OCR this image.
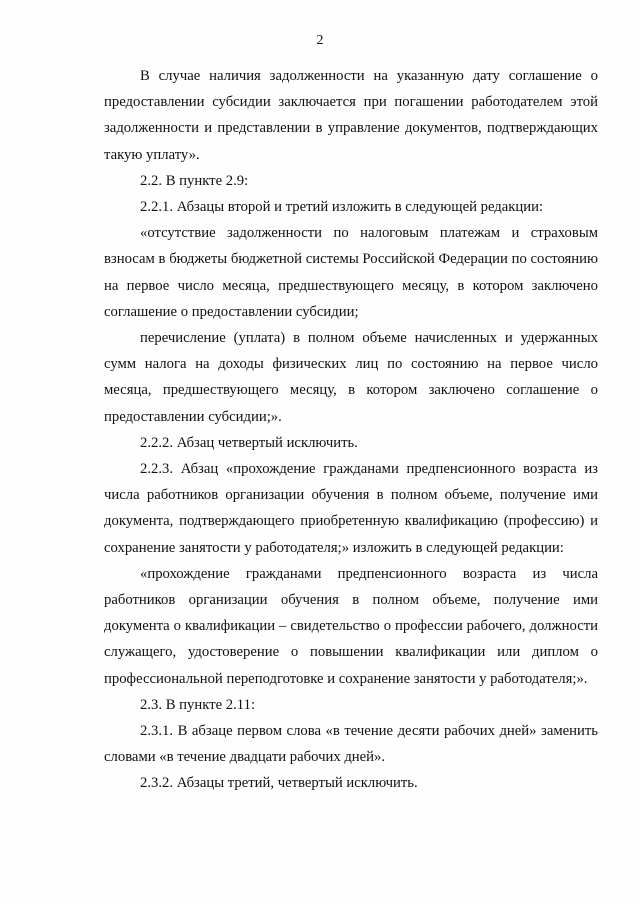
2

В случае наличия задолженности на указанную дату соглашение о предоставлении субсидии заключается при погашении работодателем этой задолженности и представлении в управление документов, подтверждающих такую уплату».

2.2. В пункте 2.9:

2.2.1. Абзацы второй и третий изложить в следующей редакции:

«отсутствие задолженности по налоговым платежам и страховым взносам в бюджеты бюджетной системы Российской Федерации по состоянию на первое число месяца, предшествующего месяцу, в котором заключено соглашение о предоставлении субсидии;

перечисление (уплата) в полном объеме начисленных и удержанных сумм налога на доходы физических лиц по состоянию на первое число месяца, предшествующего месяцу, в котором заключено соглашение о предоставлении субсидии;».

2.2.2. Абзац четвертый исключить.

2.2.3. Абзац «прохождение гражданами предпенсионного возраста из числа работников организации обучения в полном объеме, получение ими документа, подтверждающего приобретенную квалификацию (профессию) и сохранение занятости у работодателя;» изложить в следующей редакции:

«прохождение гражданами предпенсионного возраста из числа работников организации обучения в полном объеме, получение ими документа о квалификации – свидетельство о профессии рабочего, должности служащего, удостоверение о повышении квалификации или диплом о профессиональной переподготовке и сохранение занятости у работодателя;».

2.3. В пункте 2.11:

2.3.1. В абзаце первом слова «в течение десяти рабочих дней» заменить словами «в течение двадцати рабочих дней».

2.3.2. Абзацы третий, четвертый исключить.
